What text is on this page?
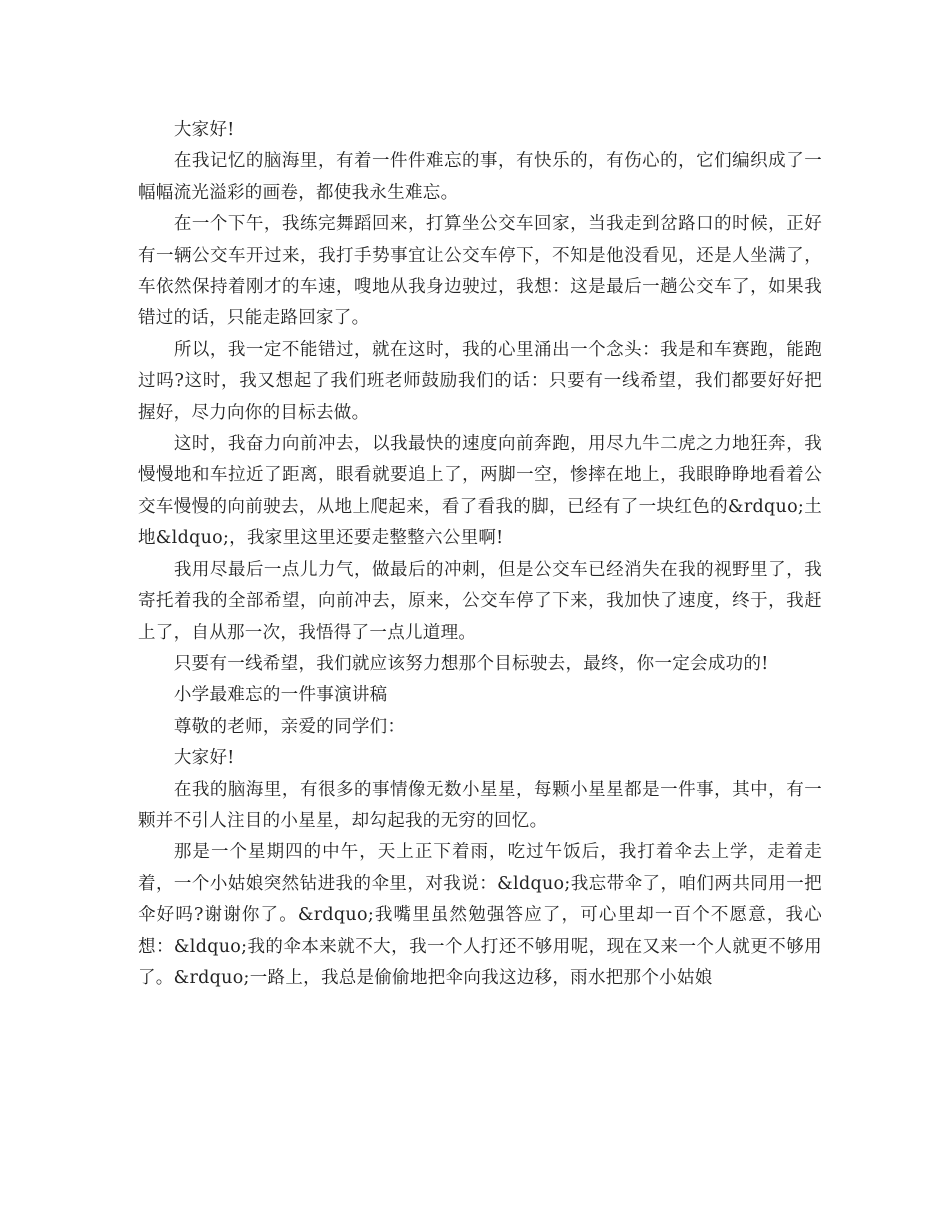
大家好!

在我记忆的脑海里，有着一件件难忘的事，有快乐的，有伤心的，它们编织成了一幅幅流光溢彩的画卷，都使我永生难忘。

在一个下午，我练完舞蹈回来，打算坐公交车回家，当我走到岔路口的时候，正好有一辆公交车开过来，我打手势事宜让公交车停下，不知是他没看见，还是人坐满了，车依然保持着刚才的车速，嗖地从我身边驶过，我想：这是最后一趟公交车了，如果我错过的话，只能走路回家了。

所以，我一定不能错过，就在这时，我的心里涌出一个念头：我是和车赛跑，能跑过吗?这时，我又想起了我们班老师鼓励我们的话：只要有一线希望，我们都要好好把握好，尽力向你的目标去做。

这时，我奋力向前冲去，以我最快的速度向前奔跑，用尽九牛二虎之力地狂奔，我慢慢地和车拉近了距离，眼看就要追上了，两脚一空，惨摔在地上，我眼睁睁地看着公交车慢慢的向前驶去，从地上爬起来，看了看我的脚，已经有了一块红色的&rdquo;土地&ldquo;，我家里这里还要走整整六公里啊!

我用尽最后一点儿力气，做最后的冲刺，但是公交车已经消失在我的视野里了，我寄托着我的全部希望，向前冲去，原来，公交车停了下来，我加快了速度，终于，我赶上了，自从那一次，我悟得了一点儿道理。

只要有一线希望，我们就应该努力想那个目标驶去，最终，你一定会成功的!

小学最难忘的一件事演讲稿

尊敬的老师，亲爱的同学们：

大家好!

在我的脑海里，有很多的事情像无数小星星，每颗小星星都是一件事，其中，有一颗并不引人注目的小星星，却勾起我的无穷的回忆。

那是一个星期四的中午，天上正下着雨，吃过午饭后，我打着伞去上学，走着走着，一个小姑娘突然钻进我的伞里，对我说：&ldquo;我忘带伞了，咱们两共同用一把伞好吗?谢谢你了。&rdquo;我嘴里虽然勉强答应了，可心里却一百个不愿意，我心想：&ldquo;我的伞本来就不大，我一个人打还不够用呢，现在又来一个人就更不够用了。&rdquo;一路上，我总是偷偷地把伞向我这边移，雨水把那个小姑娘
